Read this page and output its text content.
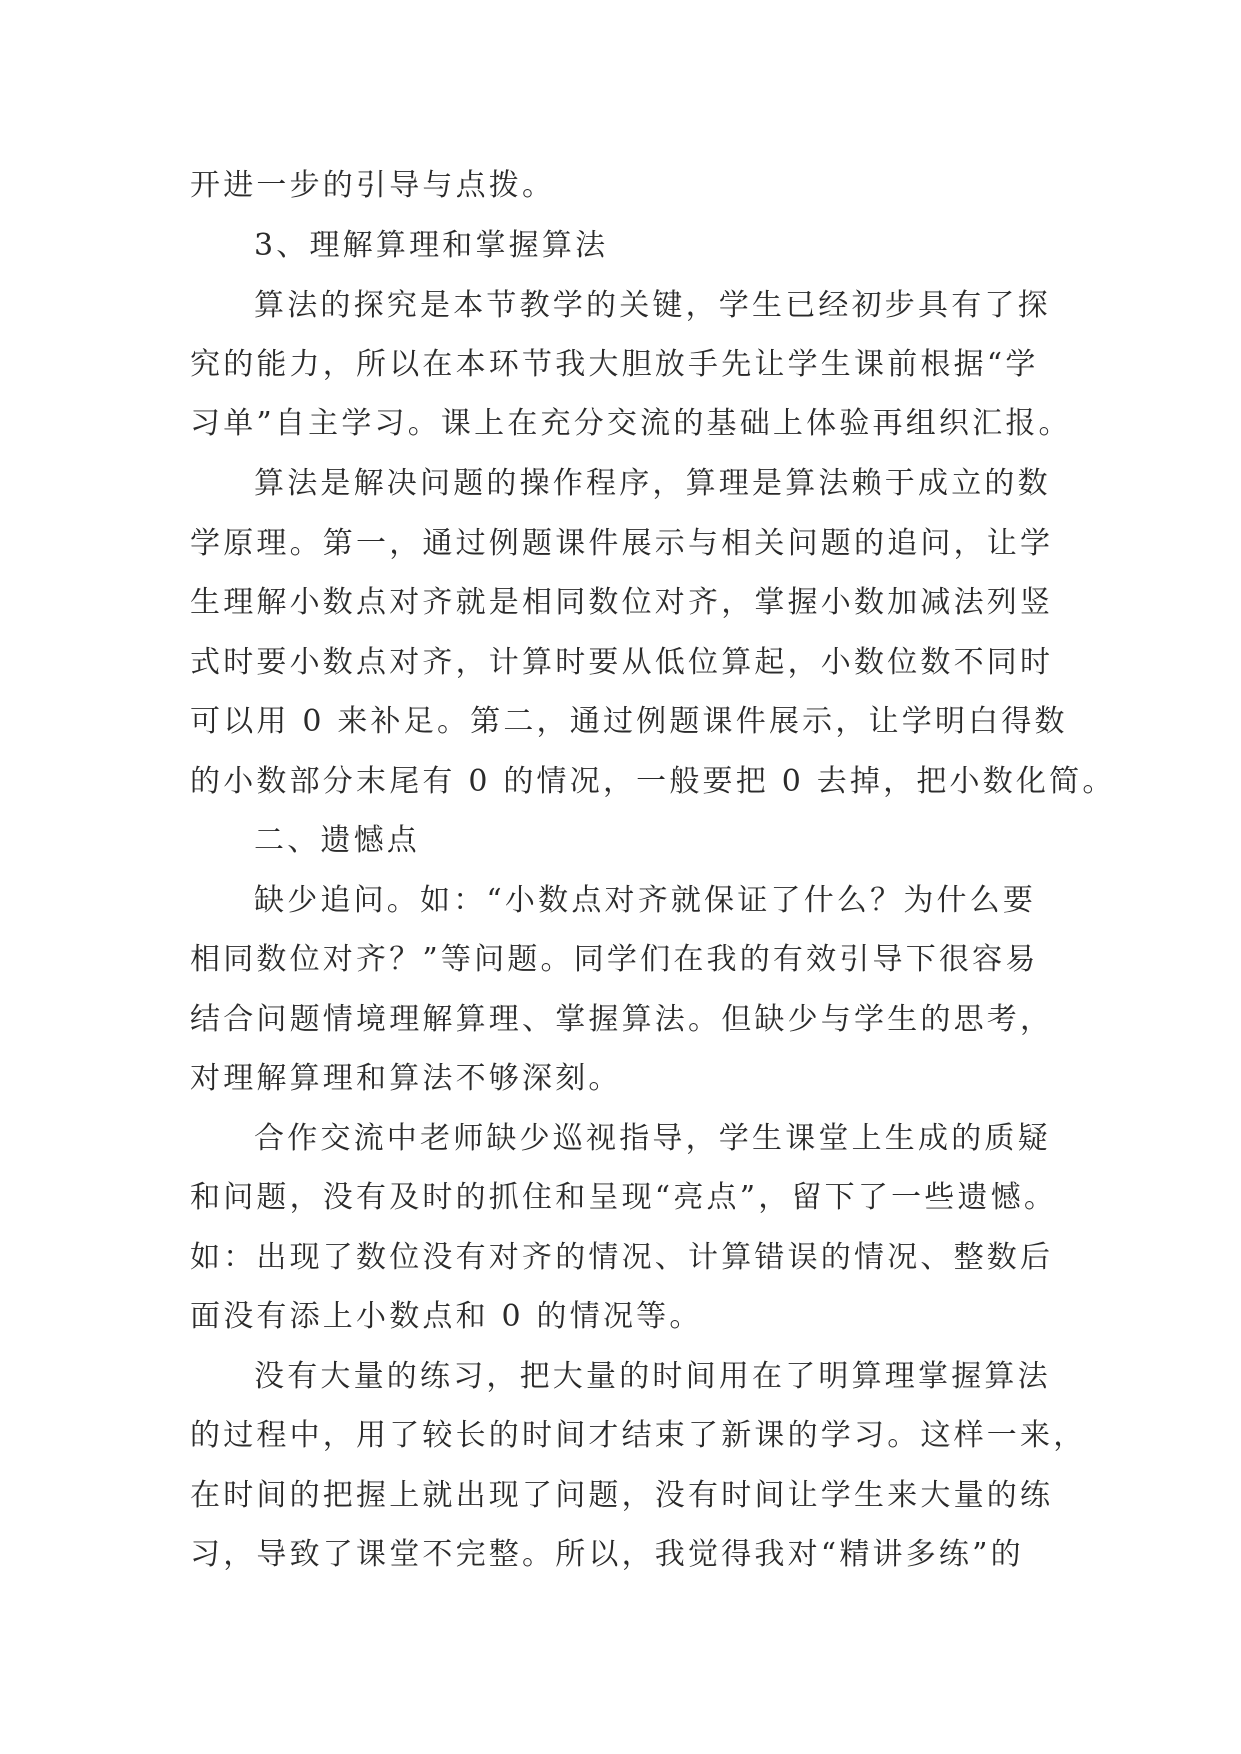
开进一步的引导与点拨。

3、理解算理和掌握算法

算法的探究是本节教学的关键，学生已经初步具有了探

究的能力，所以在本环节我大胆放手先让学生课前根据“学

习单”自主学习。课上在充分交流的基础上体验再组织汇报。

算法是解决问题的操作程序，算理是算法赖于成立的数

学原理。第一，通过例题课件展示与相关问题的追问，让学

生理解小数点对齐就是相同数位对齐，掌握小数加减法列竖

式时要小数点对齐，计算时要从低位算起，小数位数不同时

可以用 0 来补足。第二，通过例题课件展示，让学明白得数

的小数部分末尾有 0 的情况，一般要把 0 去掉，把小数化简。

二、遗憾点

缺少追问。如：“小数点对齐就保证了什么？为什么要

相同数位对齐？”等问题。同学们在我的有效引导下很容易

结合问题情境理解算理、掌握算法。但缺少与学生的思考，

对理解算理和算法不够深刻。

合作交流中老师缺少巡视指导，学生课堂上生成的质疑

和问题，没有及时的抓住和呈现“亮点”，留下了一些遗憾。

如：出现了数位没有对齐的情况、计算错误的情况、整数后

面没有添上小数点和 0 的情况等。

没有大量的练习，把大量的时间用在了明算理掌握算法

的过程中，用了较长的时间才结束了新课的学习。这样一来，

在时间的把握上就出现了问题，没有时间让学生来大量的练

习，导致了课堂不完整。所以，我觉得我对“精讲多练”的
